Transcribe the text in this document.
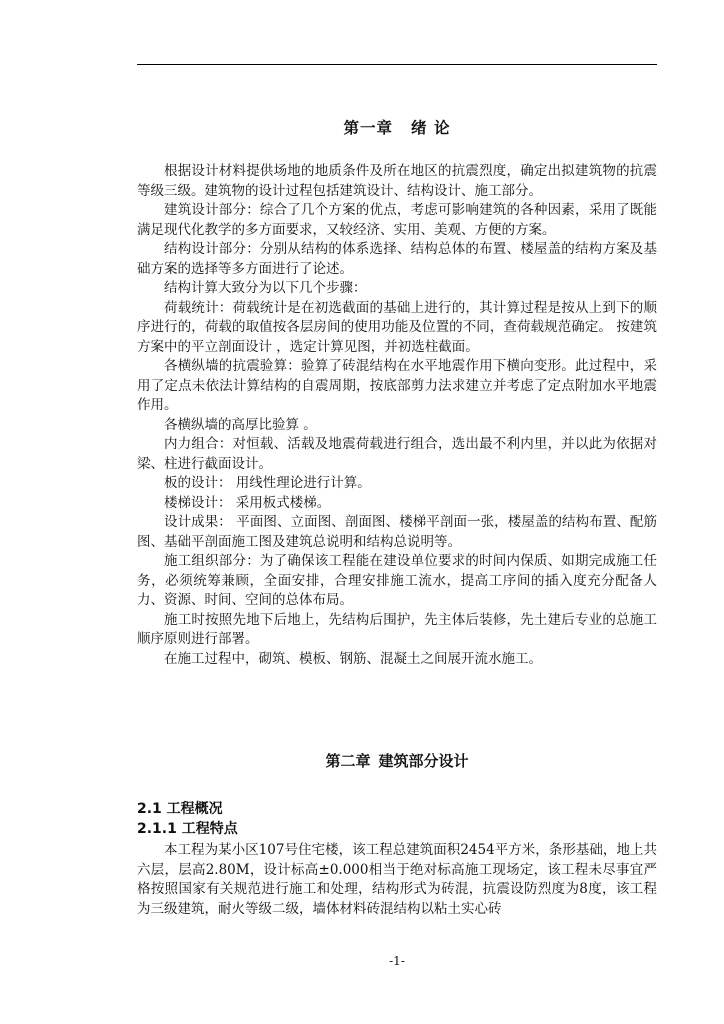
第一章 绪 论

根据设计材料提供场地的地质条件及所在地区的抗震烈度，确定出拟建筑物的抗震等级三级。建筑物的设计过程包括建筑设计、结构设计、施工部分。

建筑设计部分：综合了几个方案的优点，考虑可影响建筑的各种因素，采用了既能满足现代化教学的多方面要求，又较经济、实用、美观、方便的方案。

结构设计部分：分别从结构的体系选择、结构总体的布置、楼屋盖的结构方案及基础方案的选择等多方面进行了论述。

结构计算大致分为以下几个步骤：

荷载统计：荷载统计是在初选截面的基础上进行的，其计算过程是按从上到下的顺序进行的，荷载的取值按各层房间的使用功能及位置的不同，查荷载规范确定。 按建筑方案中的平立剖面设计 ，选定计算见图，并初选柱截面。

各横纵墙的抗震验算：验算了砖混结构在水平地震作用下横向变形。此过程中，采用了定点未依法计算结构的自震周期，按底部剪力法求建立并考虑了定点附加水平地震作用。

各横纵墙的高厚比验算 。

内力组合：对恒载、活载及地震荷载进行组合，选出最不利内里，并以此为依据对梁、柱进行截面设计。

板的设计： 用线性理论进行计算。

楼梯设计： 采用板式楼梯。

设计成果： 平面图、立面图、剖面图、楼梯平剖面一张，楼屋盖的结构布置、配筋图、基础平剖面施工图及建筑总说明和结构总说明等。

施工组织部分：为了确保该工程能在建设单位要求的时间内保质、如期完成施工任务，必须统筹兼顾，全面安排，合理安排施工流水，提高工序间的插入度充分配备人力、资源、时间、空间的总体布局。

施工时按照先地下后地上，先结构后围护，先主体后装修，先土建后专业的总施工顺序原则进行部署。

在施工过程中，砌筑、模板、钢筋、混凝土之间展开流水施工。

第二章 建筑部分设计
2.1 工程概况
2.1.1 工程特点

本工程为某小区107号住宅楼，该工程总建筑面积2454平方米，条形基础，地上共六层，层高2.80M，设计标高±0.000相当于绝对标高施工现场定，该工程未尽事宜严格按照国家有关规范进行施工和处理，结构形式为砖混，抗震设防烈度为8度，该工程为三级建筑，耐火等级二级，墙体材料砖混结构以粘土实心砖

-1-
